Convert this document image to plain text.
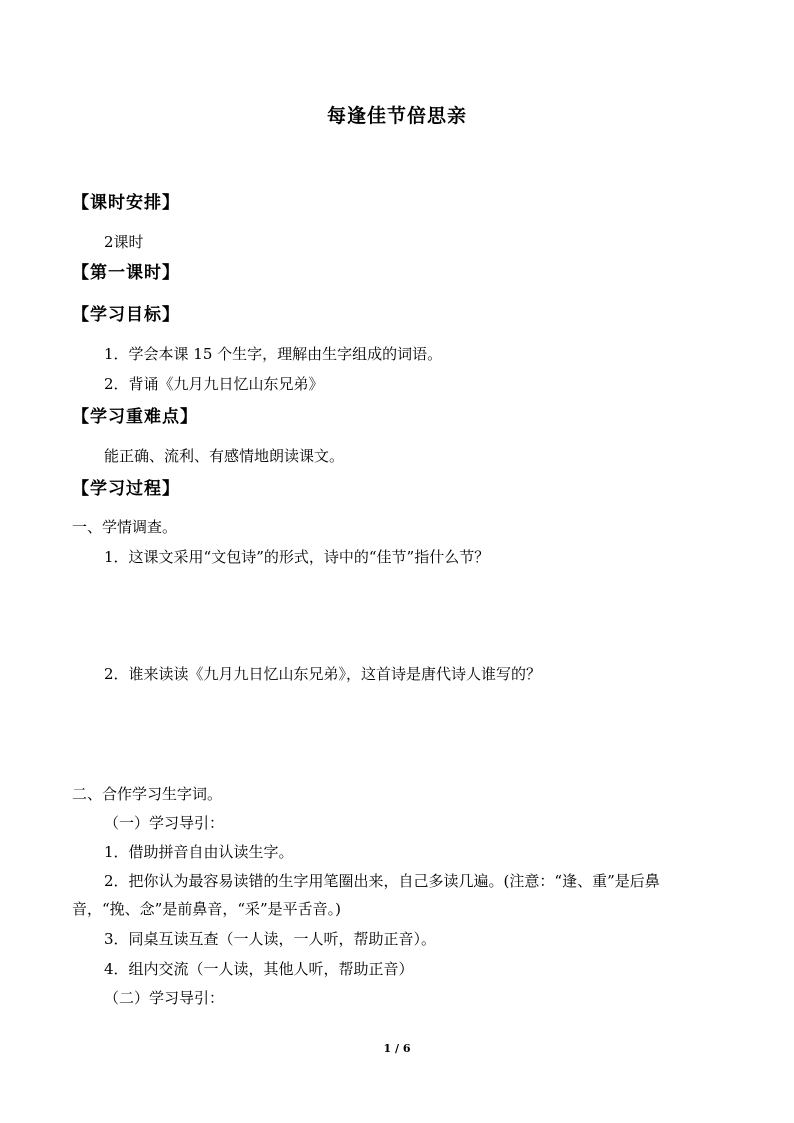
每逢佳节倍思亲
【课时安排】
2课时
【第一课时】
【学习目标】
1．学会本课 15 个生字，理解由生字组成的词语。
2．背诵《九月九日忆山东兄弟》
【学习重难点】
能正确、流利、有感情地朗读课文。
【学习过程】
一、学情调查。
1．这课文采用“文包诗”的形式，诗中的“佳节”指什么节？
2．谁来读读《九月九日忆山东兄弟》，这首诗是唐代诗人谁写的？
二、合作学习生字词。
（一）学习导引：
1．借助拼音自由认读生字。
2．把你认为最容易读错的生字用笔圈出来，自己多读几遍。(注意：“逢、重”是后鼻音，“挽、念”是前鼻音，“采”是平舌音。)
3．同桌互读互查（一人读，一人听，帮助正音）。
4．组内交流（一人读，其他人听，帮助正音）
（二）学习导引：
1 / 6
